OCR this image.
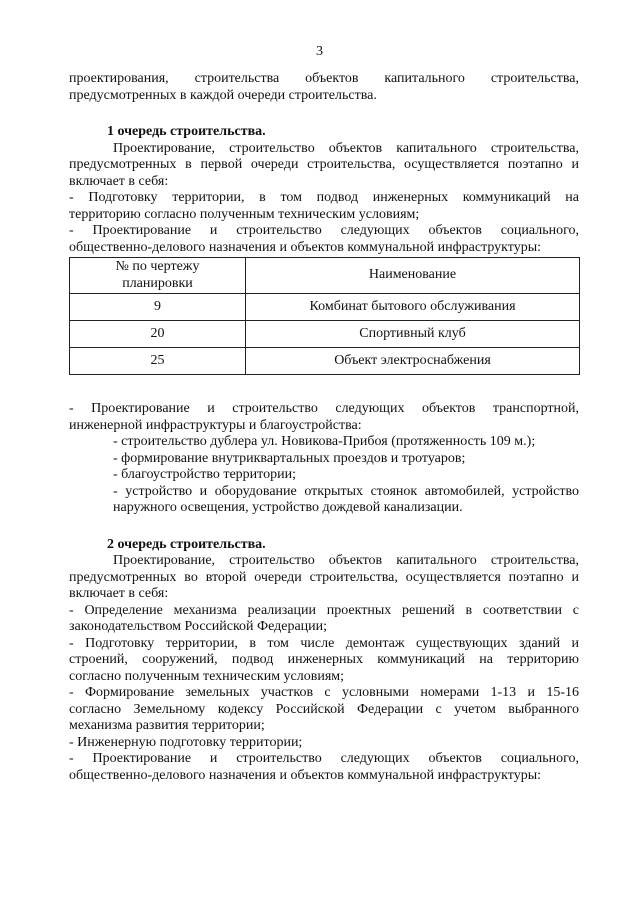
3

проектирования, строительства объектов капитального строительства,

предусмотренных в каждой очереди строительства.

1 очередь строительства.

Проектирование, строительство объектов капитального строительства,

предусмотренных в первой очереди строительства, осуществляется поэтапно и

включает в себя:

- Подготовку территории, в том подвод инженерных коммуникаций на

территорию согласно полученным техническим условиям;

- Проектирование и строительство следующих объектов социального,

общественно-делового назначения и объектов коммунальной инфраструктуры:

№ по чертежу
планировки	Наименование
9	Комбинат бытового обслуживания
20	Спортивный клуб
25	Объект электроснабжения

- Проектирование и строительство следующих объектов транспортной,

инженерной инфраструктуры и благоустройства:

- строительство дублера ул. Новикова-Прибоя (протяженность 109 м.);

- формирование внутриквартальных проездов и тротуаров;

- благоустройство территории;

- устройство и оборудование открытых стоянок автомобилей, устройство

наружного освещения, устройство дождевой канализации.

2 очередь строительства.

Проектирование, строительство объектов капитального строительства,

предусмотренных во второй очереди строительства, осуществляется поэтапно и

включает в себя:

- Определение механизма реализации проектных решений в соответствии с

законодательством Российской Федерации;

- Подготовку территории, в том числе демонтаж существующих зданий и

строений, сооружений, подвод инженерных коммуникаций на территорию

согласно полученным техническим условиям;

- Формирование земельных участков с условными номерами 1-13 и 15-16

согласно Земельному кодексу Российской Федерации с учетом выбранного

механизма развития территории;

- Инженерную подготовку территории;

- Проектирование и строительство следующих объектов социального,

общественно-делового назначения и объектов коммунальной инфраструктуры:
